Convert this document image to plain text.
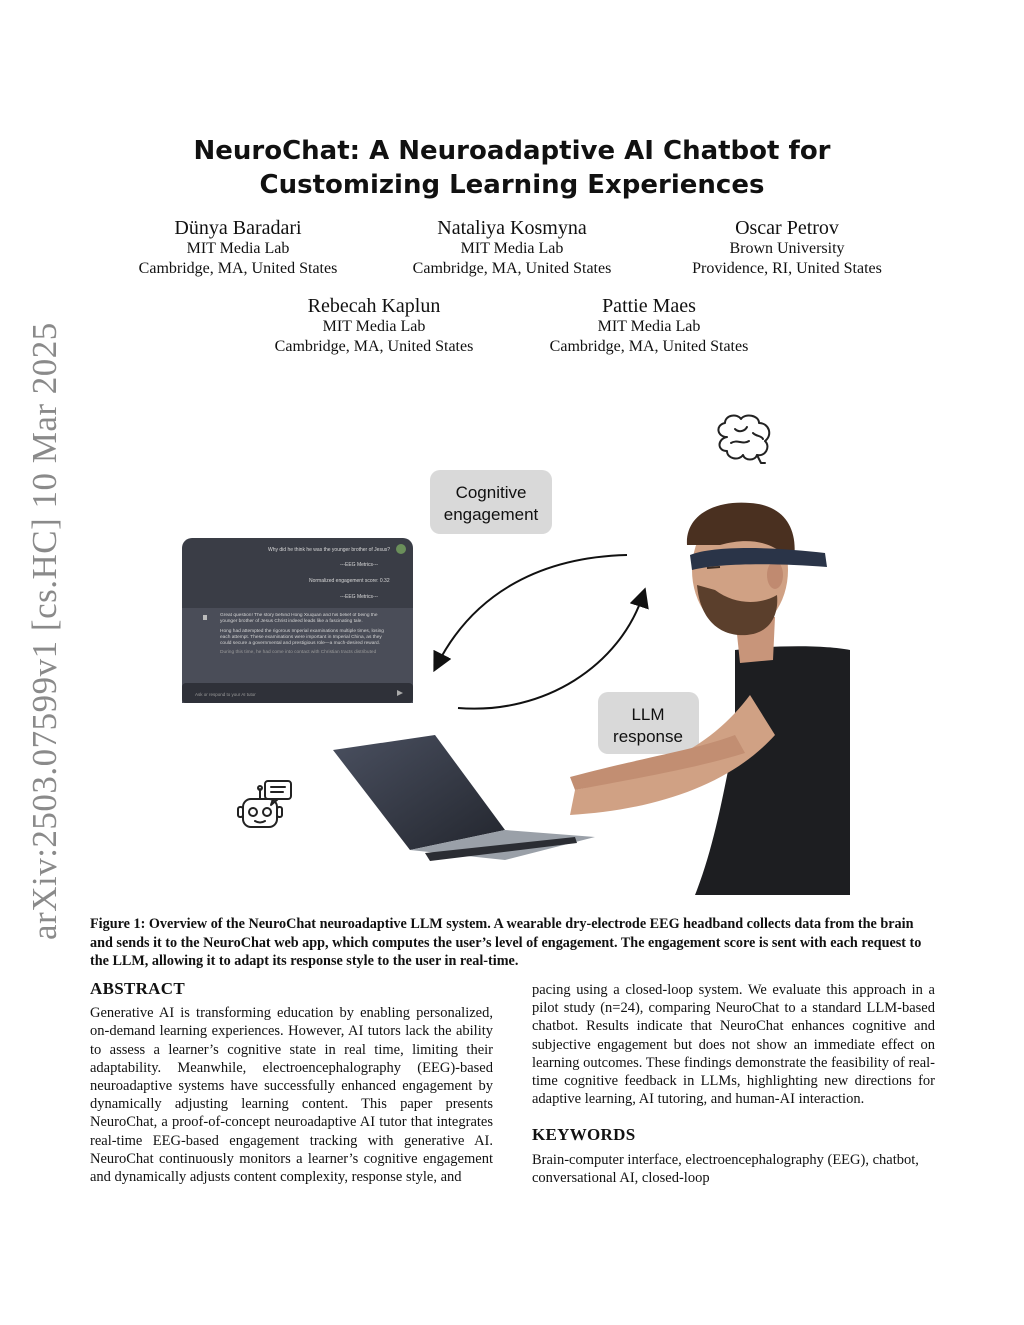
arXiv:2503.07599v1 [cs.HC] 10 Mar 2025
NeuroChat: A Neuroadaptive AI Chatbot for Customizing Learning Experiences
Dünya Baradari
MIT Media Lab
Cambridge, MA, United States
Nataliya Kosmyna
MIT Media Lab
Cambridge, MA, United States
Oscar Petrov
Brown University
Providence, RI, United States
Rebecah Kaplun
MIT Media Lab
Cambridge, MA, United States
Pattie Maes
MIT Media Lab
Cambridge, MA, United States
Cognitive
engagement
Why did he think he was the younger brother of Jesus?
---EEG Metrics---
Normalized engagement score: 0.32
---EEG Metrics---
Great question! The story behind Hong Xiuquan and his belief of being the younger brother of Jesus Christ indeed leads like a fascinating tale.
Hong had attempted the rigorous Imperial examinations multiple times, losing each attempt. These examinations were important in Imperial China, as they could secure a governmental and prestigious role—a much-desired reward.
During this time, he had come into contact with Christian tracts distributed
Ask or respond to your AI tutor
LLM
response
Figure 1: Overview of the NeuroChat neuroadaptive LLM system. A wearable dry-electrode EEG headband collects data from the brain and sends it to the NeuroChat web app, which computes the user’s level of engagement. The engagement score is sent with each request to the LLM, allowing it to adapt its response style to the user in real-time.
ABSTRACT

Generative AI is transforming education by enabling personalized, on-demand learning experiences. However, AI tutors lack the ability to assess a learner’s cognitive state in real time, limiting their adaptability. Meanwhile, electroencephalography (EEG)-based neuroadaptive systems have successfully enhanced engagement by dynamically adjusting learning content. This paper presents NeuroChat, a proof-of-concept neuroadaptive AI tutor that integrates real-time EEG-based engagement tracking with generative AI. NeuroChat continuously monitors a learner’s cognitive engagement and dynamically adjusts content complexity, response style, and

pacing using a closed-loop system. We evaluate this approach in a pilot study (n=24), comparing NeuroChat to a standard LLM-based chatbot. Results indicate that NeuroChat enhances cognitive and subjective engagement but does not show an immediate effect on learning outcomes. These findings demonstrate the feasibility of real-time cognitive feedback in LLMs, highlighting new directions for adaptive learning, AI tutoring, and human-AI interaction.

KEYWORDS

Brain-computer interface, electroencephalography (EEG), chatbot, conversational AI, closed-loop
